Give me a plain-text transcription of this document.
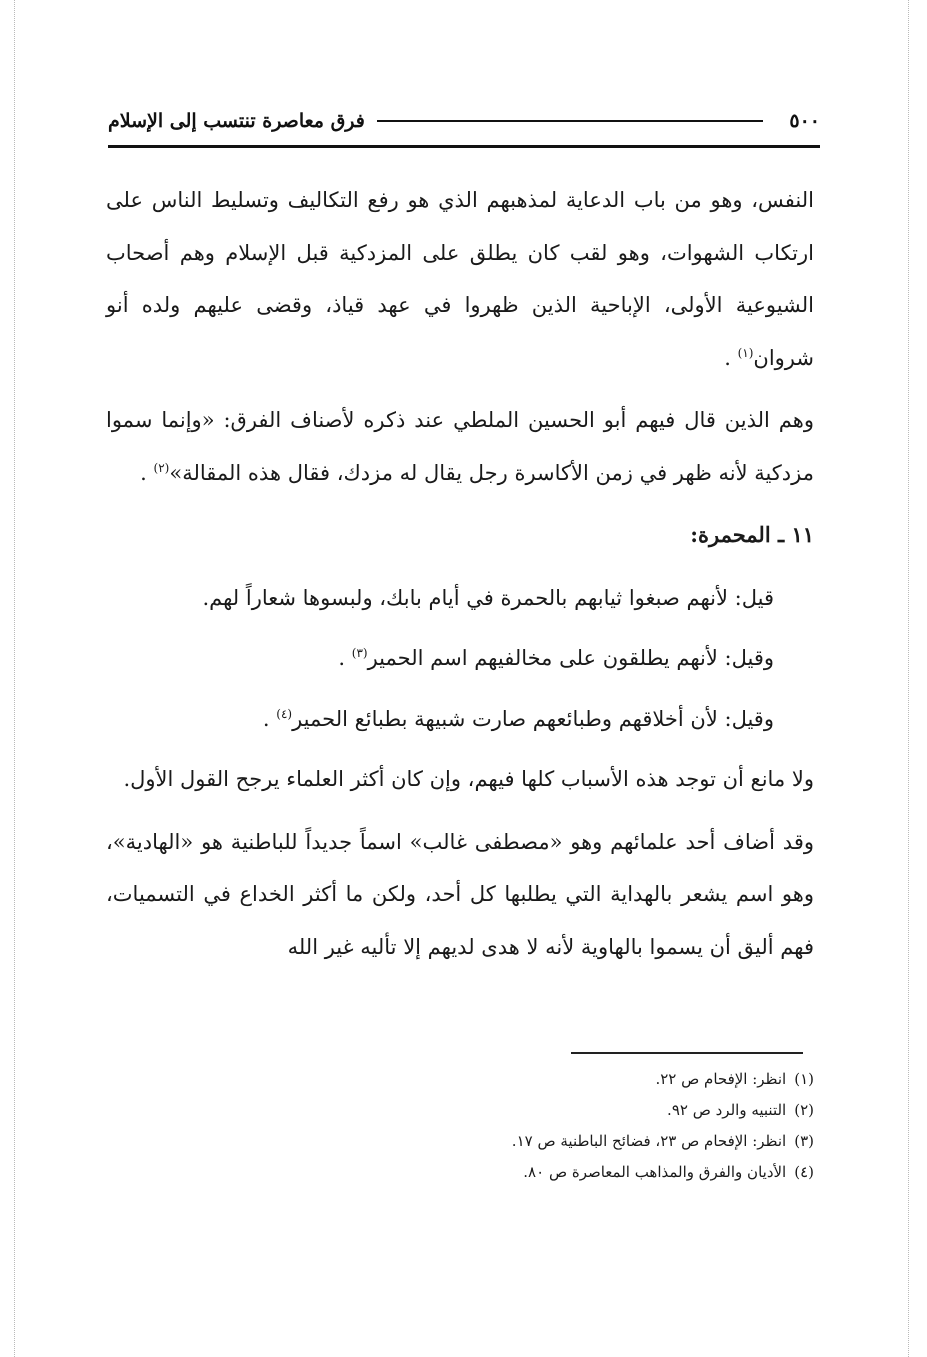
٥٠٠
فرق معاصرة تنتسب إلى الإسلام

النفس، وهو من باب الدعاية لمذهبهم الذي هو رفع التكاليف وتسليط الناس على ارتكاب الشهوات، وهو لقب كان يطلق على المزدكية قبل الإسلام وهم أصحاب الشيوعية الأولى، الإباحية الذين ظهروا في عهد قياذ، وقضى عليهم ولده أنو شروان$^{(١)}$ .

وهم الذين قال فيهم أبو الحسين الملطي عند ذكره لأصناف الفرق: «وإنما سموا مزدكية لأنه ظهر في زمن الأكاسرة رجل يقال له مزدك، فقال هذه المقالة»$^{(٢)}$ .

١١ ـ المحمرة:

قيل: لأنهم صبغوا ثيابهم بالحمرة في أيام بابك، ولبسوها شعاراً لهم.

وقيل: لأنهم يطلقون على مخالفيهم اسم الحمير$^{(٣)}$ .

وقيل: لأن أخلاقهم وطبائعهم صارت شبيهة بطبائع الحمير$^{(٤)}$ .

ولا مانع أن توجد هذه الأسباب كلها فيهم، وإن كان أكثر العلماء يرجح القول الأول.

وقد أضاف أحد علمائهم وهو «مصطفى غالب» اسماً جديداً للباطنية هو «الهادية»، وهو اسم يشعر بالهداية التي يطلبها كل أحد، ولكن ما أكثر الخداع في التسميات، فهم أليق أن يسموا بالهاوية لأنه لا هدى لديهم إلا تأليه غير الله

(١)انظر: الإفحام ص ٢٢.
(٢)التنبيه والرد ص ٩٢.
(٣)انظر: الإفحام ص ٢٣، فضائح الباطنية ص ١٧.
(٤)الأديان والفرق والمذاهب المعاصرة ص ٨٠.
